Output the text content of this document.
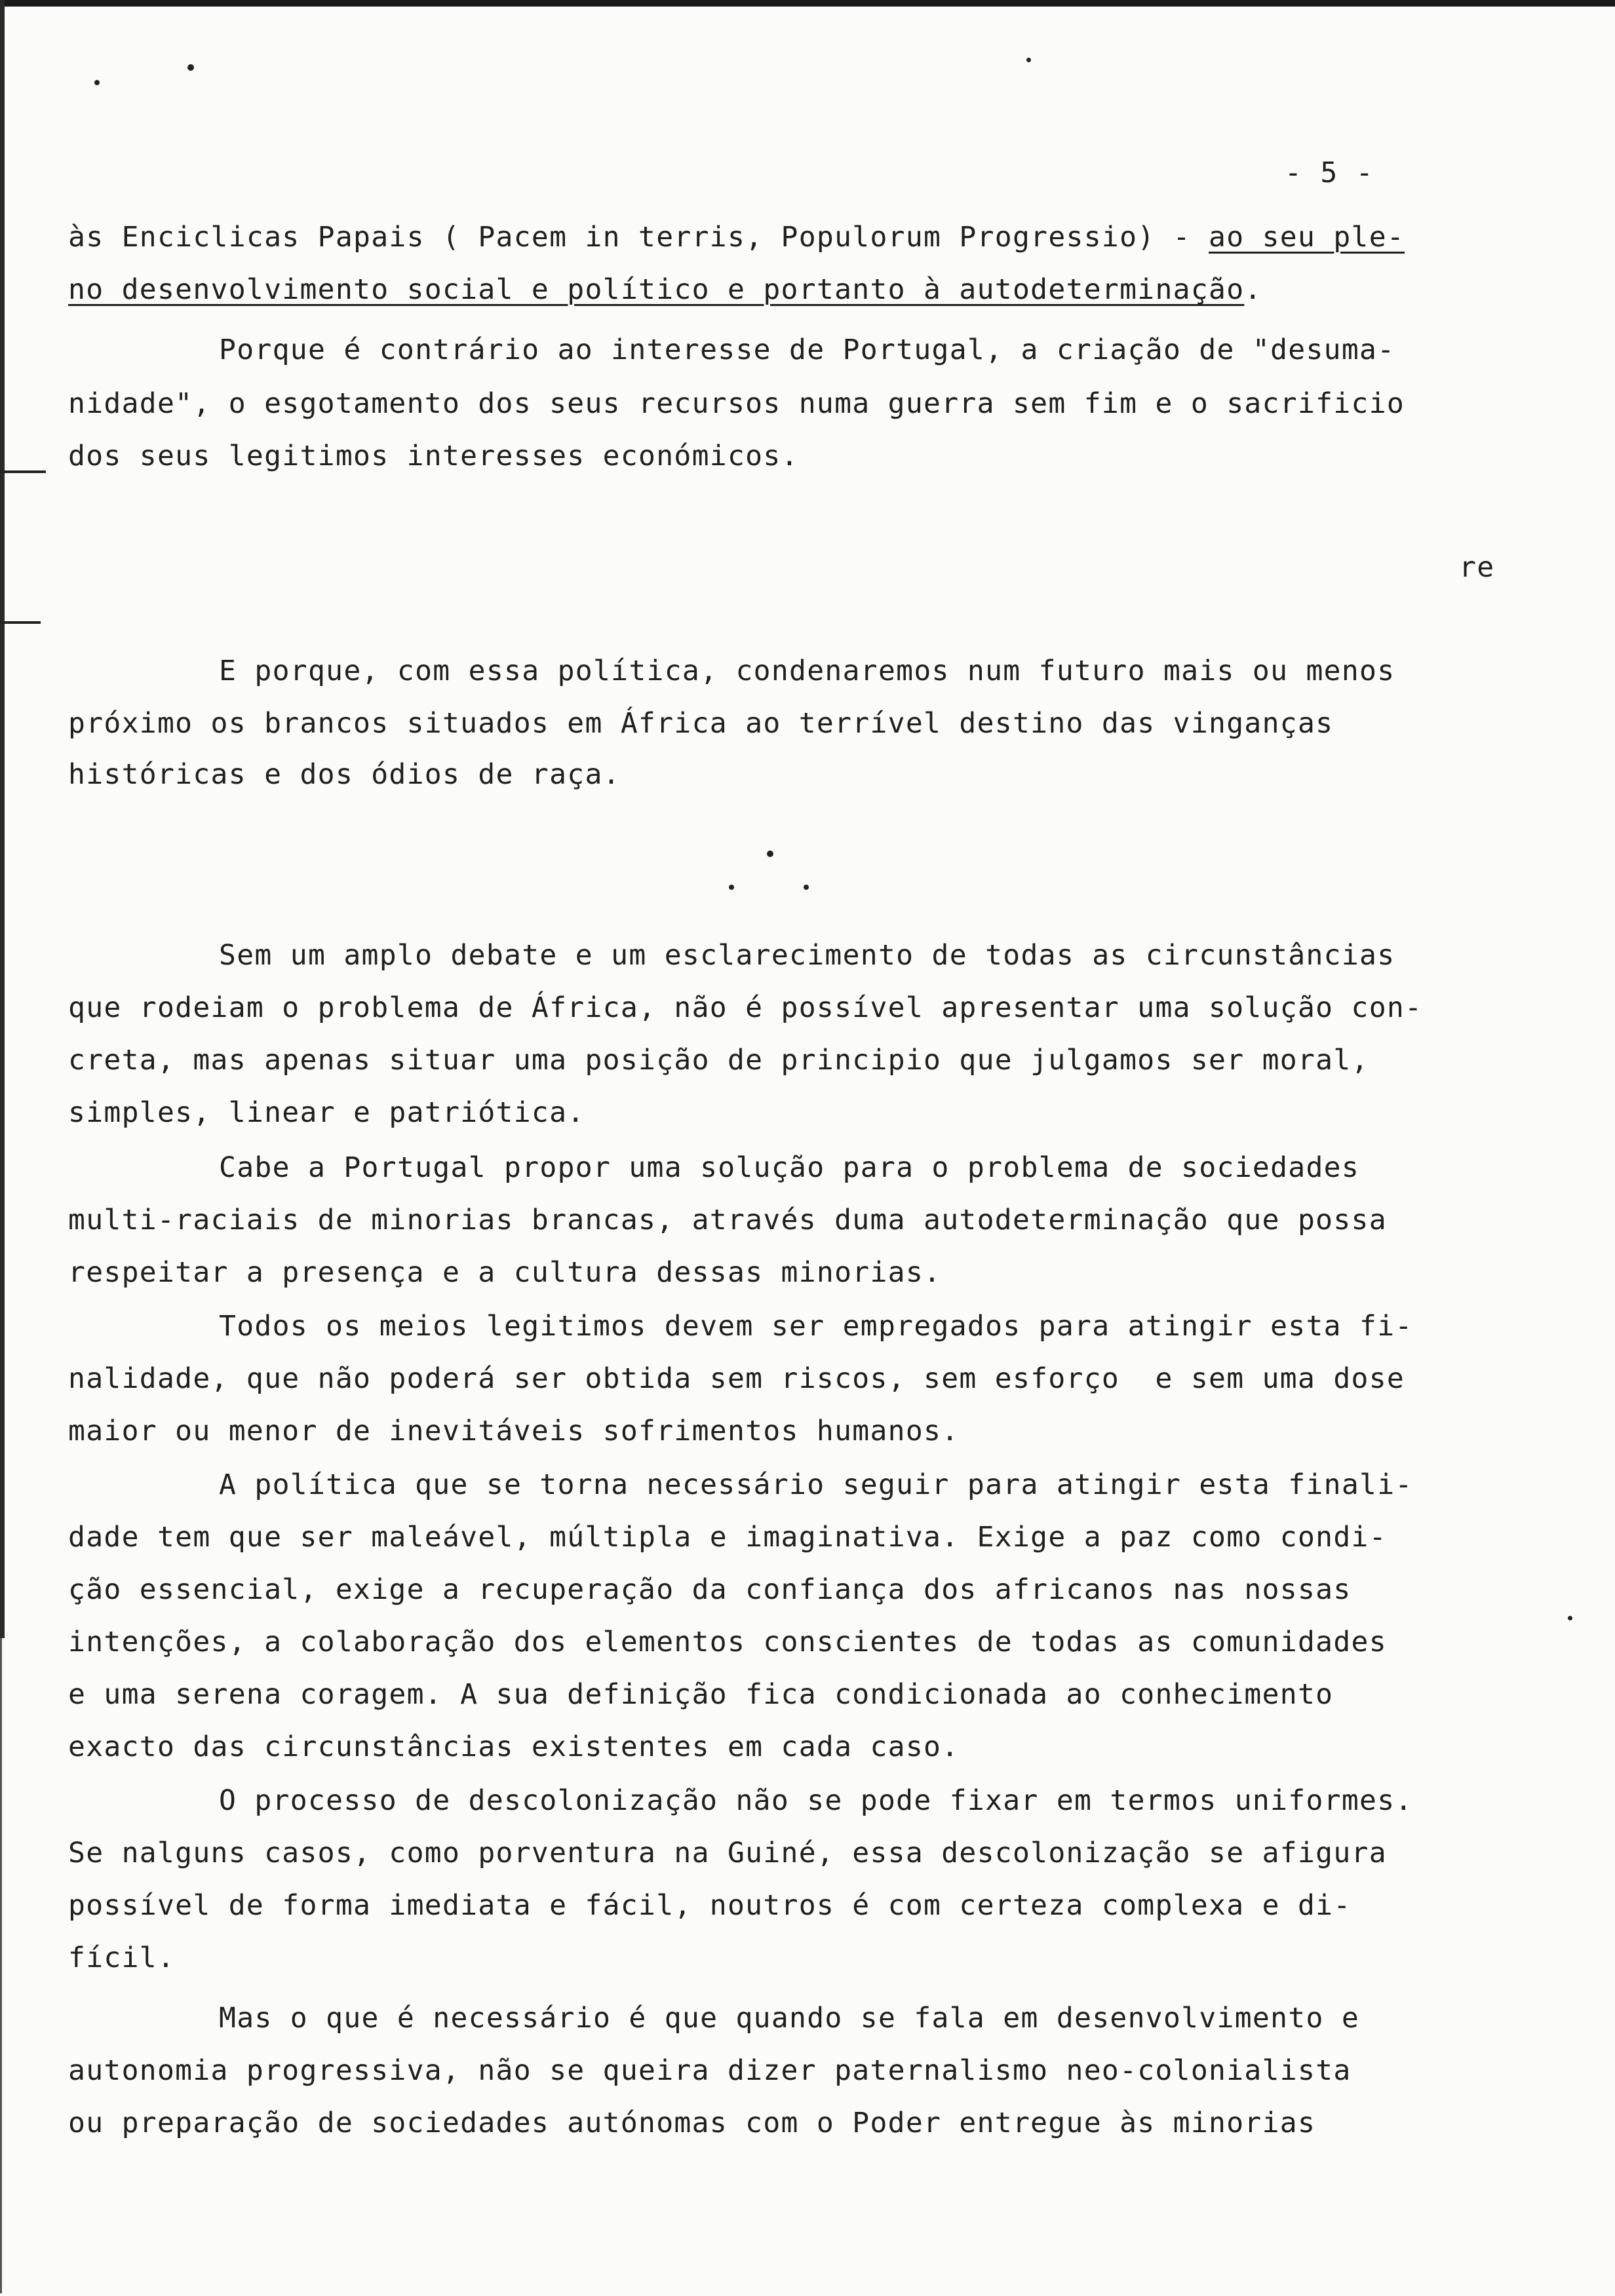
- 5 -
às Enciclicas Papais ( Pacem in terris, Populorum Progressio) - ao seu ple-
no desenvolvimento social e político e portanto à autodeterminação.
Porque é contrário ao interesse de Portugal, a criação de "desuma-
nidade", o esgotamento dos seus recursos numa guerra sem fim e o sacrificio
dos seus legitimos interesses económicos.
re
E porque, com essa política, condenaremos num futuro mais ou menos
próximo os brancos situados em África ao terrível destino das vinganças
históricas e dos ódios de raça.
Sem um amplo debate e um esclarecimento de todas as circunstâncias
que rodeiam o problema de África, não é possível apresentar uma solução con-
creta, mas apenas situar uma posição de principio que julgamos ser moral,
simples, linear e patriótica.
Cabe a Portugal propor uma solução para o problema de sociedades
multi-raciais de minorias brancas, através duma autodeterminação que possa
respeitar a presença e a cultura dessas minorias.
Todos os meios legitimos devem ser empregados para atingir esta fi-
nalidade, que não poderá ser obtida sem riscos, sem esforço  e sem uma dose
maior ou menor de inevitáveis sofrimentos humanos.
A política que se torna necessário seguir para atingir esta finali-
dade tem que ser maleável, múltipla e imaginativa. Exige a paz como condi-
ção essencial, exige a recuperação da confiança dos africanos nas nossas
intenções, a colaboração dos elementos conscientes de todas as comunidades
e uma serena coragem. A sua definição fica condicionada ao conhecimento
exacto das circunstâncias existentes em cada caso.
O processo de descolonização não se pode fixar em termos uniformes.
Se nalguns casos, como porventura na Guiné, essa descolonização se afigura
possível de forma imediata e fácil, noutros é com certeza complexa e di-
fícil.
Mas o que é necessário é que quando se fala em desenvolvimento e
autonomia progressiva, não se queira dizer paternalismo neo-colonialista
ou preparação de sociedades autónomas com o Poder entregue às minorias
